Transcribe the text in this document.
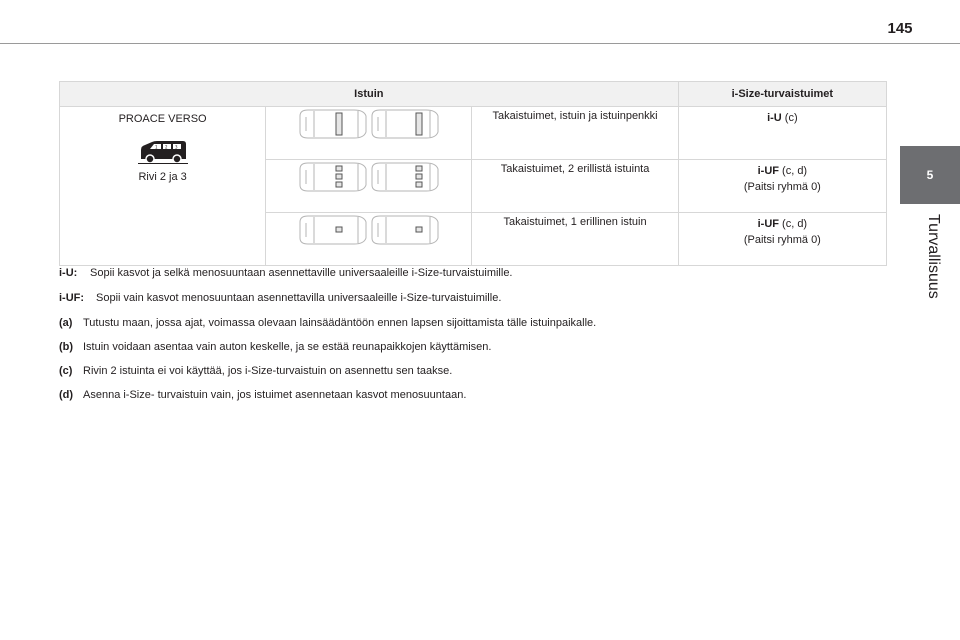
145
5
Turvallisuus
Istuin			i-Size-turvaistuimet

PROACE VERSO
1 2 3
Rivi 2 ja 3		Takaistuimet, istuin ja istuinpenkki	i-U (c)
	Takaistuimet, 2 erillistä istuinta	i-UF (c, d)
(Paitsi ryhmä 0)
	Takaistuimet, 1 erillinen istuin	i-UF (c, d)
(Paitsi ryhmä 0)
i-U: Sopii kasvot ja selkä menosuuntaan asennettaville universaaleille i-Size-turvaistuimille.
i-UF: Sopii vain kasvot menosuuntaan asennettavilla universaaleille i-Size-turvaistuimille.
(a) Tutustu maan, jossa ajat, voimassa olevaan lainsäädäntöön ennen lapsen sijoittamista tälle istuinpaikalle.
(b) Istuin voidaan asentaa vain auton keskelle, ja se estää reunapaikkojen käyttämisen.
(c) Rivin 2 istuinta ei voi käyttää, jos i-Size-turvaistuin on asennettu sen taakse.
(d) Asenna i-Size- turvaistuin vain, jos istuimet asennetaan kasvot menosuuntaan.
